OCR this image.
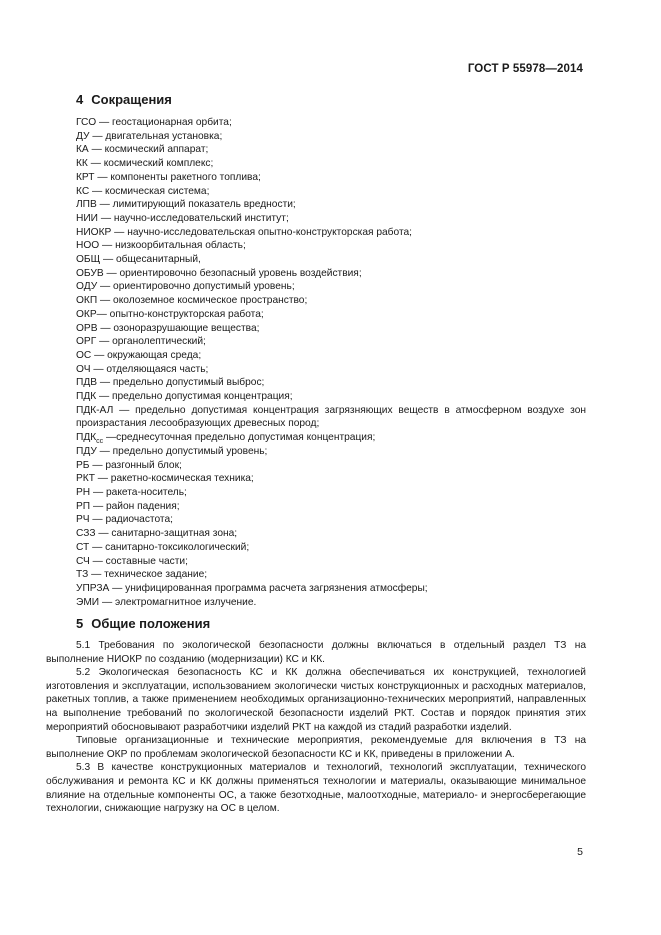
ГОСТ Р 55978—2014
4 Сокращения
ГСО — геостационарная орбита;
ДУ — двигательная установка;
КА — космический аппарат;
КК — космический комплекс;
КРТ — компоненты ракетного топлива;
КС — космическая система;
ЛПВ — лимитирующий показатель вредности;
НИИ — научно-исследовательский институт;
НИОКР — научно-исследовательская опытно-конструкторская работа;
НОО — низкоорбитальная область;
ОБЩ — общесанитарный,
ОБУВ — ориентировочно безопасный уровень воздействия;
ОДУ — ориентировочно допустимый уровень;
ОКП — околоземное космическое пространство;
ОКР— опытно-конструкторская работа;
ОРВ — озоноразрушающие вещества;
ОРГ — органолептический;
ОС — окружающая среда;
ОЧ — отделяющаяся часть;
ПДВ — предельно допустимый выброс;
ПДК — предельно допустимая концентрация;
ПДК-АЛ — предельно допустимая концентрация загрязняющих веществ в атмосферном воздухе зон произрастания лесообразующих древесных пород;
$ПДК_{сс}$ —среднесуточная предельно допустимая концентрация;
ПДУ — предельно допустимый уровень;
РБ — разгонный блок;
РКТ — ракетно-космическая техника;
РН — ракета-носитель;
РП — район падения;
РЧ — радиочастота;
СЗЗ — санитарно-защитная зона;
СТ — санитарно-токсикологический;
СЧ — составные части;
ТЗ — техническое задание;
УПРЗА — унифицированная программа расчета загрязнения атмосферы;
ЭМИ — электромагнитное излучение.
5 Общие положения

5.1 Требования по экологической безопасности должны включаться в отдельный раздел ТЗ на выполнение НИОКР по созданию (модернизации) КС и КК.

5.2 Экологическая безопасность КС и КК должна обеспечиваться их конструкцией, технологией изготовления и эксплуатации, использованием экологически чистых конструкционных и расходных материалов, ракетных топлив, а также применением необходимых организационно-технических мероприятий, направленных на выполнение требований по экологической безопасности изделий РКТ. Состав и порядок принятия этих мероприятий обосновывают разработчики изделий РКТ на каждой из стадий разработки изделий.

Типовые организационные и технические мероприятия, рекомендуемые для включения в ТЗ на выполнение ОКР по проблемам экологической безопасности КС и КК, приведены в приложении А.

5.3 В качестве конструкционных материалов и технологий, технологий эксплуатации, технического обслуживания и ремонта КС и КК должны применяться технологии и материалы, оказывающие минимальное влияние на отдельные компоненты ОС, а также безотходные, малоотходные, материало- и энергосберегающие технологии, снижающие нагрузку на ОС в целом.

5
